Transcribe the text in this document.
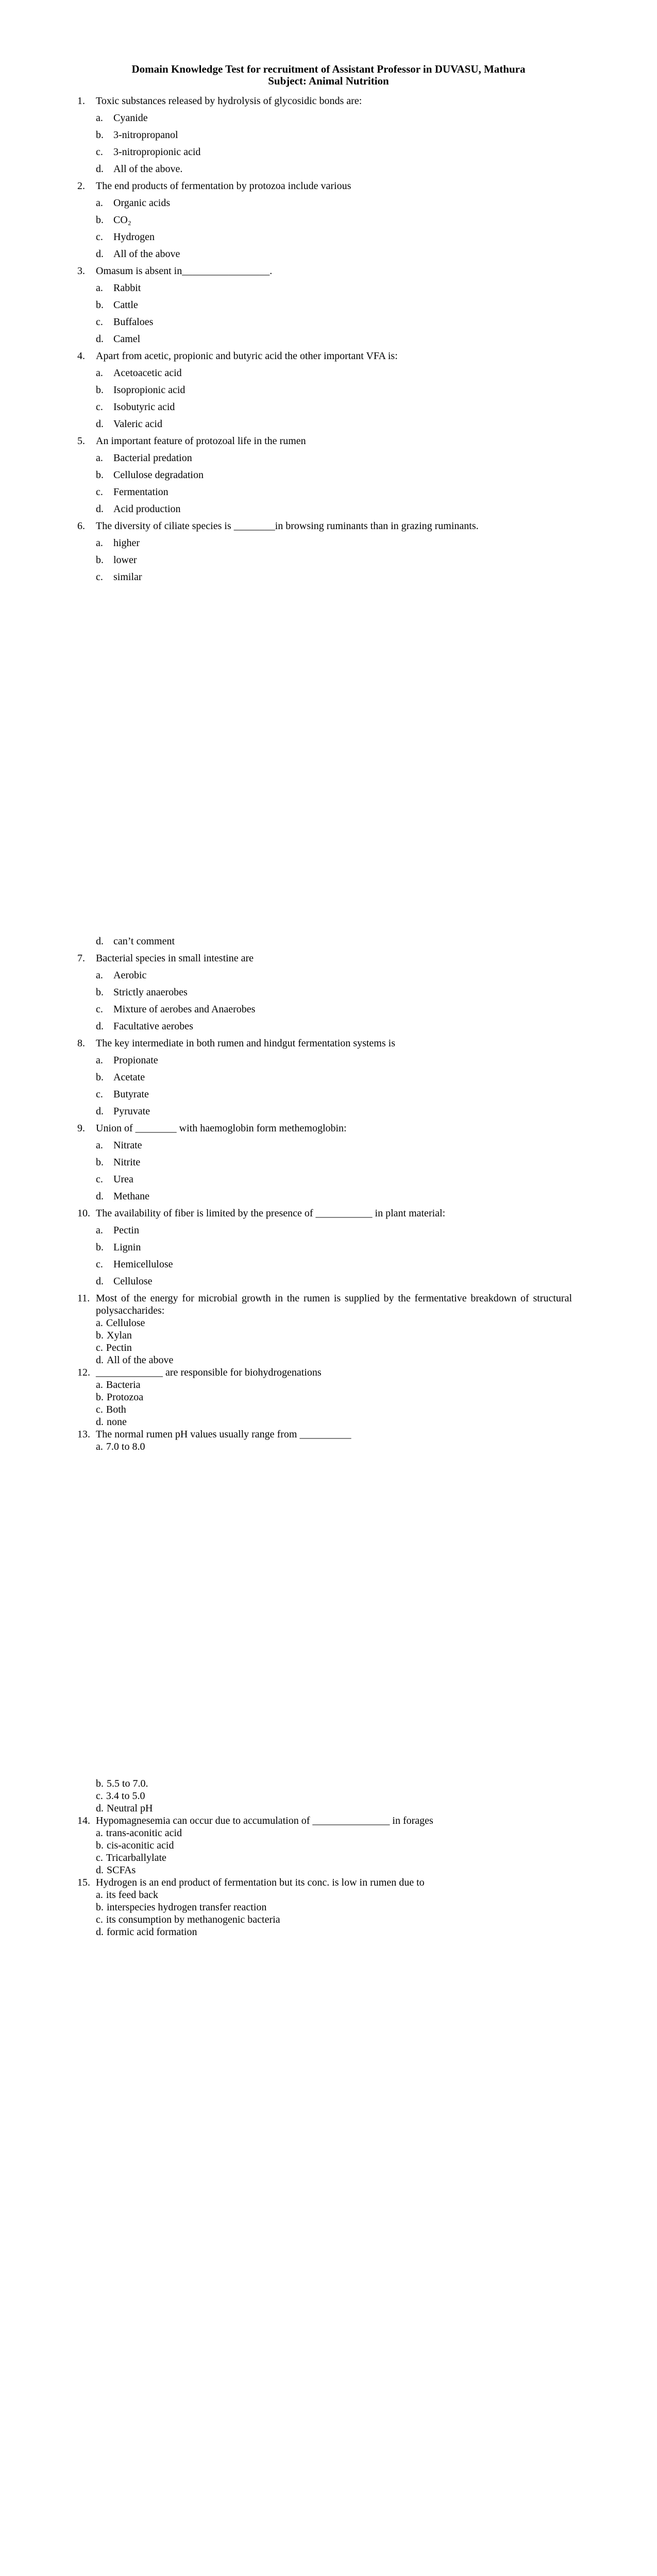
Domain Knowledge Test for recruitment of Assistant Professor in DUVASU, Mathura
Subject: Animal Nutrition
1.	Toxic substances released by hydrolysis of glycosidic bonds are:
a.	Cyanide
b. 3-nitropropanol
c.	3-nitropropionic acid
d. All of the above.
2.	The end products of fermentation by protozoa include various
a.	Organic acids
b. CO₂
c.	Hydrogen
d. All of the above
3.	Omasum is absent in_________________.
a.	Rabbit
b. Cattle
c.	Buffaloes
d. Camel
4.	Apart from acetic, propionic and butyric acid the other important VFA is:
a.	Acetoacetic acid
b. Isopropionic acid
c.	Isobutyric acid
d. Valeric acid
5.	An important feature of protozoal life in the rumen
a.	Bacterial predation
b. Cellulose degradation
c.	Fermentation
d. Acid production
6.	The diversity of ciliate species is ________in browsing ruminants than in grazing ruminants.
a.	higher
b. lower
c.	similar
d. can’t comment
7.	Bacterial species in small intestine are
a.	Aerobic
b. Strictly anaerobes
c.	Mixture of aerobes and Anaerobes
d. Facultative aerobes
8.	The key intermediate in both rumen and hindgut fermentation systems is
a.	Propionate
b. Acetate
c.	Butyrate
d. Pyruvate
9.	Union of ________ with haemoglobin form methemoglobin:
a.	Nitrate
b. Nitrite
c.	Urea
d. Methane
10. The availability of fiber is limited by the presence of ___________ in plant material:
a.	Pectin
b. Lignin
c.	Hemicellulose
d. Cellulose
11. Most of the energy for microbial growth in the rumen is supplied by the fermentative breakdown of structural polysaccharides:
a. Cellulose
b. Xylan
c. Pectin
d. All of the above
12. _____________ are responsible for biohydrogenations
a. Bacteria
b. Protozoa
c. Both
d. none
13. The normal rumen pH values usually range from __________
a. 7.0 to 8.0
b. 5.5 to 7.0.
c. 3.4 to 5.0
d. Neutral pH
14. Hypomagnesemia can occur due to accumulation of _______________ in forages
a. trans-aconitic acid
b. cis-aconitic acid
c. Tricarballylate
d. SCFAs
15. Hydrogen is an end product of fermentation but its conc. is low in rumen due to
a. its feed back
b. interspecies hydrogen transfer reaction
c. its consumption by methanogenic bacteria
d. formic acid formation
